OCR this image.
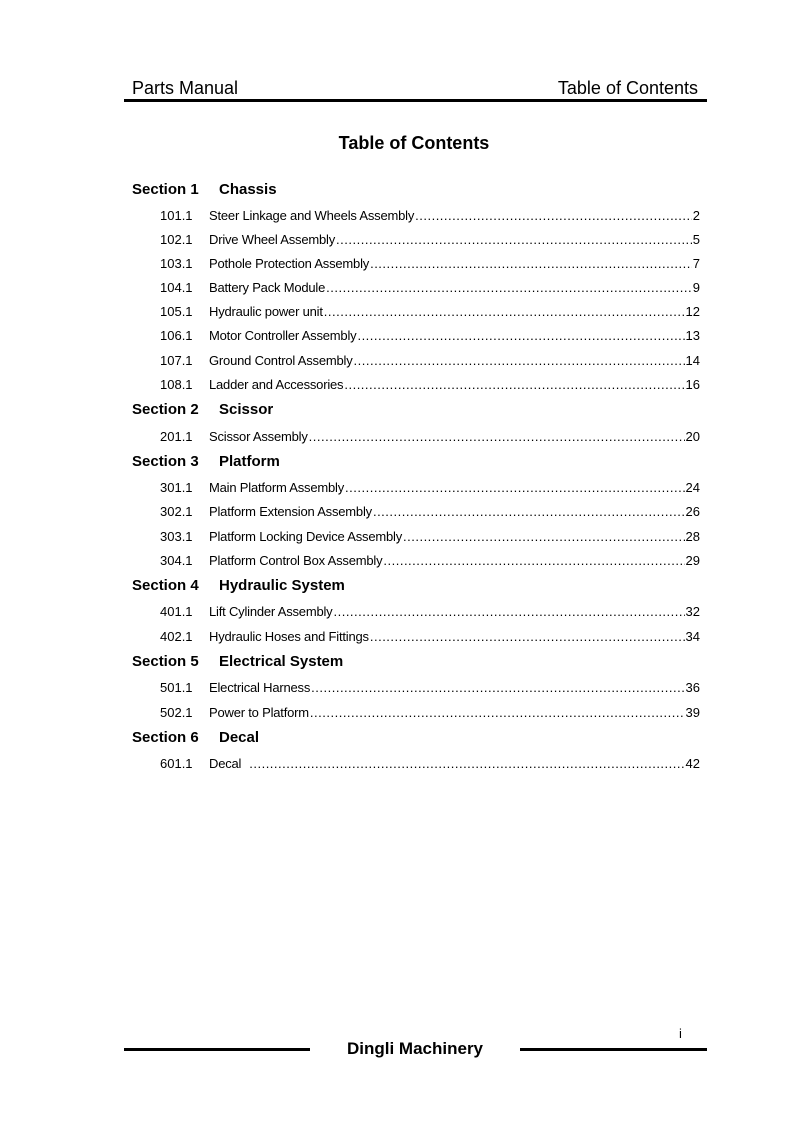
Parts Manual	Table of Contents
Table of Contents
Section 1 Chassis
101.1	Steer Linkage and Wheels Assembly .....	2
102.1	Drive Wheel Assembly .....	5
103.1	Pothole Protection Assembly .....	7
104.1	Battery Pack Module .....	9
105.1	Hydraulic power unit .....	12
106.1	Motor Controller Assembly .....	13
107.1	Ground Control Assembly .....	14
108.1	Ladder and Accessories .....	16
Section 2 Scissor
201.1	Scissor Assembly .....	20
Section 3 Platform
301.1	Main Platform Assembly .....	24
302.1	Platform Extension Assembly .....	26
303.1	Platform Locking Device Assembly .....	28
304.1	Platform Control Box Assembly .....	29
Section 4 Hydraulic System
401.1	Lift Cylinder Assembly .....	32
402.1	Hydraulic Hoses and Fittings .....	34
Section 5 Electrical System
501.1	Electrical Harness .....	36
502.1	Power to Platform .....	39
Section 6 Decal
601.1	Decal .....	42
i
Dingli Machinery
